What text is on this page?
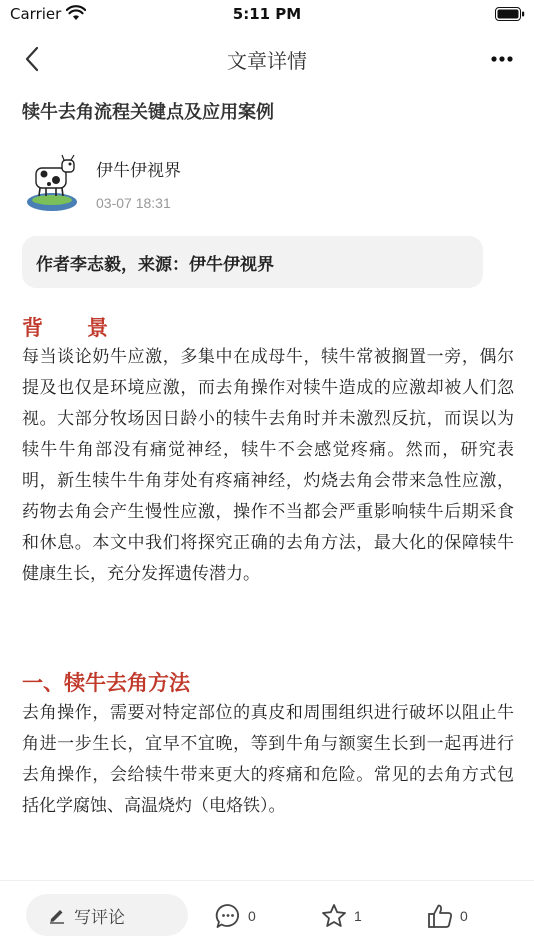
Carrier	5:11 PM
文章详情
犊牛去角流程关键点及应用案例
伊牛伊视界
03-07 18:31
作者李志毅，来源：伊牛伊视界
背 景
每当谈论奶牛应激，多集中在成母牛，犊牛常被搁置一旁，偶尔提及也仅是环境应激，而去角操作对犊牛造成的应激却被人们忽视。大部分牧场因日龄小的犊牛去角时并未激烈反抗，而误以为犊牛牛角部没有痛觉神经，犊牛不会感觉疼痛。然而，研究表明，新生犊牛牛角芽处有疼痛神经，灼烧去角会带来急性应激，药物去角会产生慢性应激，操作不当都会严重影响犊牛后期采食和休息。本文中我们将探究正确的去角方法，最大化的保障犊牛健康生长，充分发挥遗传潜力。
一、犊牛去角方法
去角操作，需要对特定部位的真皮和周围组织进行破坏以阻止牛角进一步生长，宜早不宜晚，等到牛角与额窦生长到一起再进行去角操作，会给犊牛带来更大的疼痛和危险。常见的去角方式包括化学腐蚀、高温烧灼（电烙铁）。
写评论	0	1	0
